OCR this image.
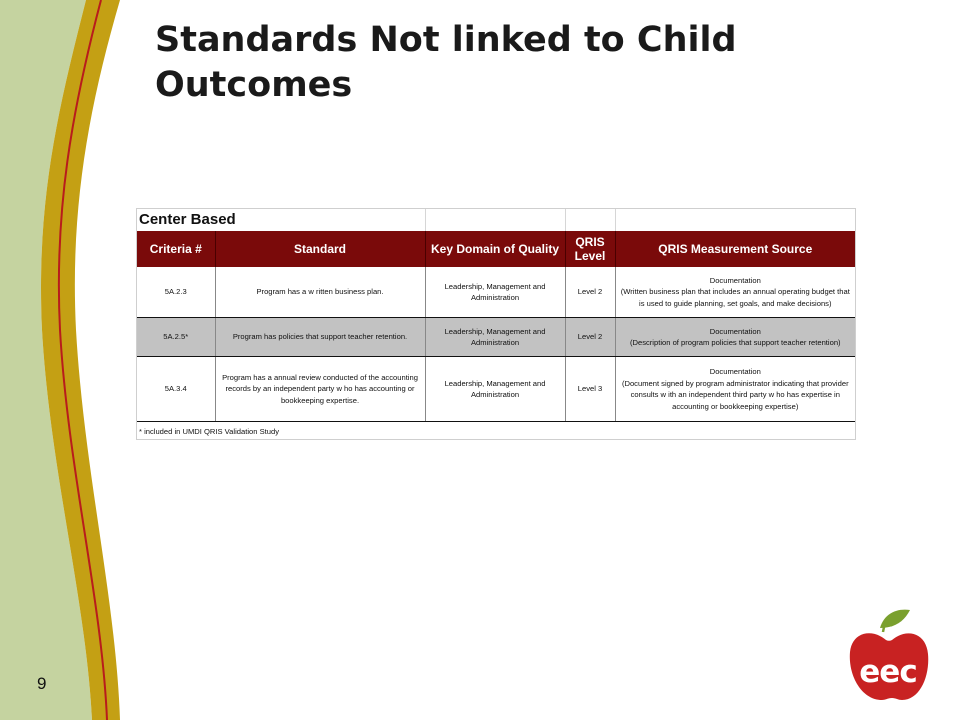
eec
Standards Not linked to Child Outcomes
9
Center Based				
Criteria #	Standard	Key Domain of Quality	QRIS Level	QRIS Measurement Source
5A.2.3	Program has a w ritten business plan.	Leadership, Management and Administration	Level 2	Documentation
(Written business plan that includes an annual operating budget that is used to guide planning, set goals, and make decisions)
5A.2.5*	Program has policies that support teacher retention.	Leadership, Management and Administration	Level 2	Documentation
(Description of program policies that support teacher retention)
5A.3.4	Program has a annual review conducted of the accounting records by an independent party w ho has accounting or bookkeeping expertise.	Leadership, Management and Administration	Level 3	Documentation
(Document signed by program administrator indicating that provider consults w ith an independent third party w ho has expertise in accounting or bookkeeping expertise)
* included in UMDI QRIS Validation Study				
